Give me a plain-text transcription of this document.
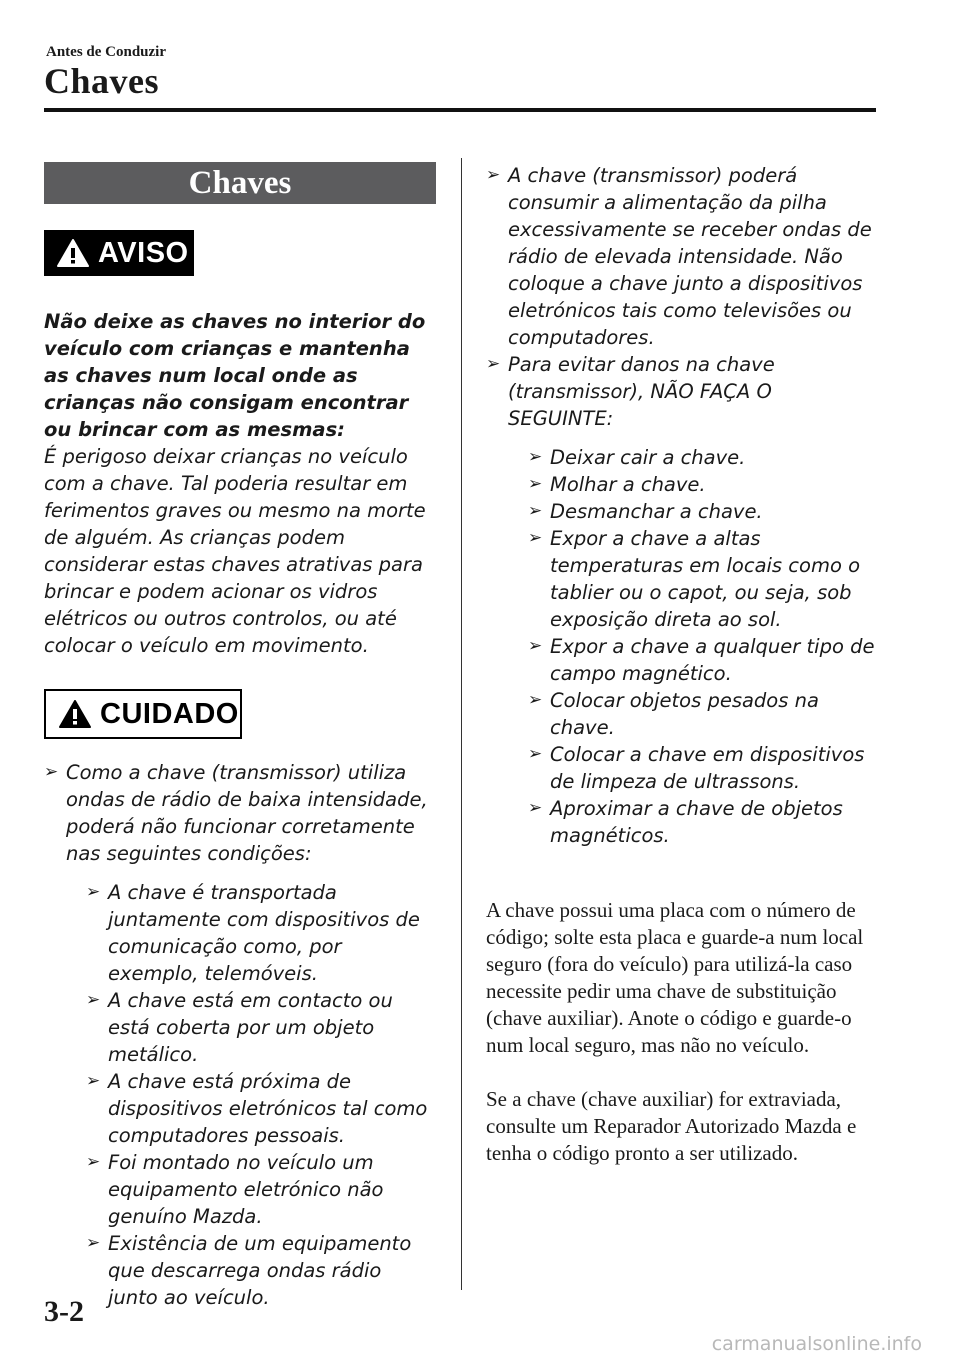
Antes de Conduzir
Chaves
Chaves
AVISO
Não deixe as chaves no interior do veículo com crianças e mantenha as chaves num local onde as crianças não consigam encontrar ou brincar com as mesmas:
É perigoso deixar crianças no veículo com a chave. Tal poderia resultar em ferimentos graves ou mesmo na morte de alguém. As crianças podem considerar estas chaves atrativas para brincar e podem acionar os vidros elétricos ou outros controlos, ou até colocar o veículo em movimento.
CUIDADO
➢ Como a chave (transmissor) utiliza ondas de rádio de baixa intensidade, poderá não funcionar corretamente nas seguintes condições:
➢ A chave é transportada juntamente com dispositivos de comunicação como, por exemplo, telemóveis.
➢ A chave está em contacto ou está coberta por um objeto metálico.
➢ A chave está próxima de dispositivos eletrónicos tal como computadores pessoais.
➢ Foi montado no veículo um equipamento eletrónico não genuíno Mazda.
➢ Existência de um equipamento que descarrega ondas rádio junto ao veículo.
➢ A chave (transmissor) poderá consumir a alimentação da pilha excessivamente se receber ondas de rádio de elevada intensidade. Não coloque a chave junto a dispositivos eletrónicos tais como televisões ou computadores.
➢ Para evitar danos na chave (transmissor), NÃO FAÇA O SEGUINTE:
➢ Deixar cair a chave.
➢ Molhar a chave.
➢ Desmanchar a chave.
➢ Expor a chave a altas temperaturas em locais como o tablier ou o capot, ou seja, sob exposição direta ao sol.
➢ Expor a chave a qualquer tipo de campo magnético.
➢ Colocar objetos pesados na chave.
➢ Colocar a chave em dispositivos de limpeza de ultrassons.
➢ Aproximar a chave de objetos magnéticos.

A chave possui uma placa com o número de código; solte esta placa e guarde-a num local seguro (fora do veículo) para utilizá-la caso necessite pedir uma chave de substituição (chave auxiliar). Anote o código e guarde-o num local seguro, mas não no veículo.

Se a chave (chave auxiliar) for extraviada, consulte um Reparador Autorizado Mazda e tenha o código pronto a ser utilizado.

3-2
carmanualsonline.info
